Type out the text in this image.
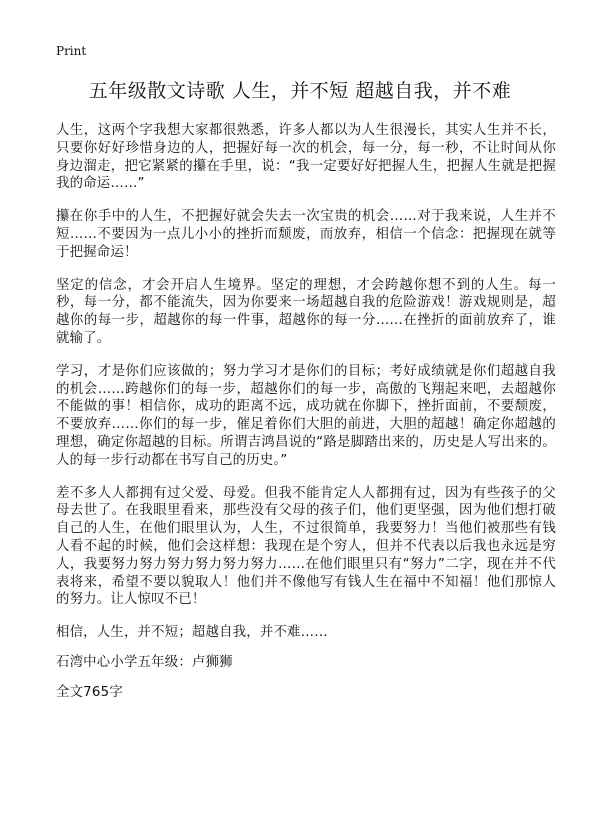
Print
五年级散文诗歌 人生，并不短 超越自我，并不难

人生，这两个字我想大家都很熟悉，许多人都以为人生很漫长，其实人生并不长，只要你好好珍惜身边的人，把握好每一次的机会，每一分，每一秒，不让时间从你身边溜走，把它紧紧的攥在手里，说：“我一定要好好把握人生，把握人生就是把握我的命运……”

攥在你手中的人生，不把握好就会失去一次宝贵的机会……对于我来说，人生并不短……不要因为一点儿小小的挫折而颓废，而放弃，相信一个信念：把握现在就等于把握命运！

坚定的信念，才会开启人生境界。坚定的理想，才会跨越你想不到的人生。每一秒，每一分，都不能流失，因为你要来一场超越自我的危险游戏！游戏规则是，超越你的每一步，超越你的每一件事，超越你的每一分……在挫折的面前放弃了，谁就输了。

学习，才是你们应该做的；努力学习才是你们的目标；考好成绩就是你们超越自我的机会……跨越你们的每一步，超越你们的每一步，高傲的飞翔起来吧，去超越你不能做的事！相信你，成功的距离不远，成功就在你脚下，挫折面前，不要颓废，不要放弃……你们的每一步，催足着你们大胆的前进，大胆的超越！确定你超越的理想，确定你超越的目标。所谓吉鸿昌说的“路是脚踏出来的，历史是人写出来的。人的每一步行动都在书写自己的历史。”

差不多人人都拥有过父爱、母爱。但我不能肯定人人都拥有过，因为有些孩子的父母去世了。在我眼里看来，那些没有父母的孩子们，他们更坚强，因为他们想打破自己的人生，在他们眼里认为，人生，不过很简单，我要努力！当他们被那些有钱人看不起的时候，他们会这样想：我现在是个穷人，但并不代表以后我也永远是穷人，我要努力努力努力努力努力努力……在他们眼里只有“努力”二字，现在并不代表将来，希望不要以貌取人！他们并不像他写有钱人生在福中不知福！他们那惊人的努力。让人惊叹不已！

相信，人生，并不短；超越自我，并不难……

石湾中心小学五年级：卢狮狮

全文765字
